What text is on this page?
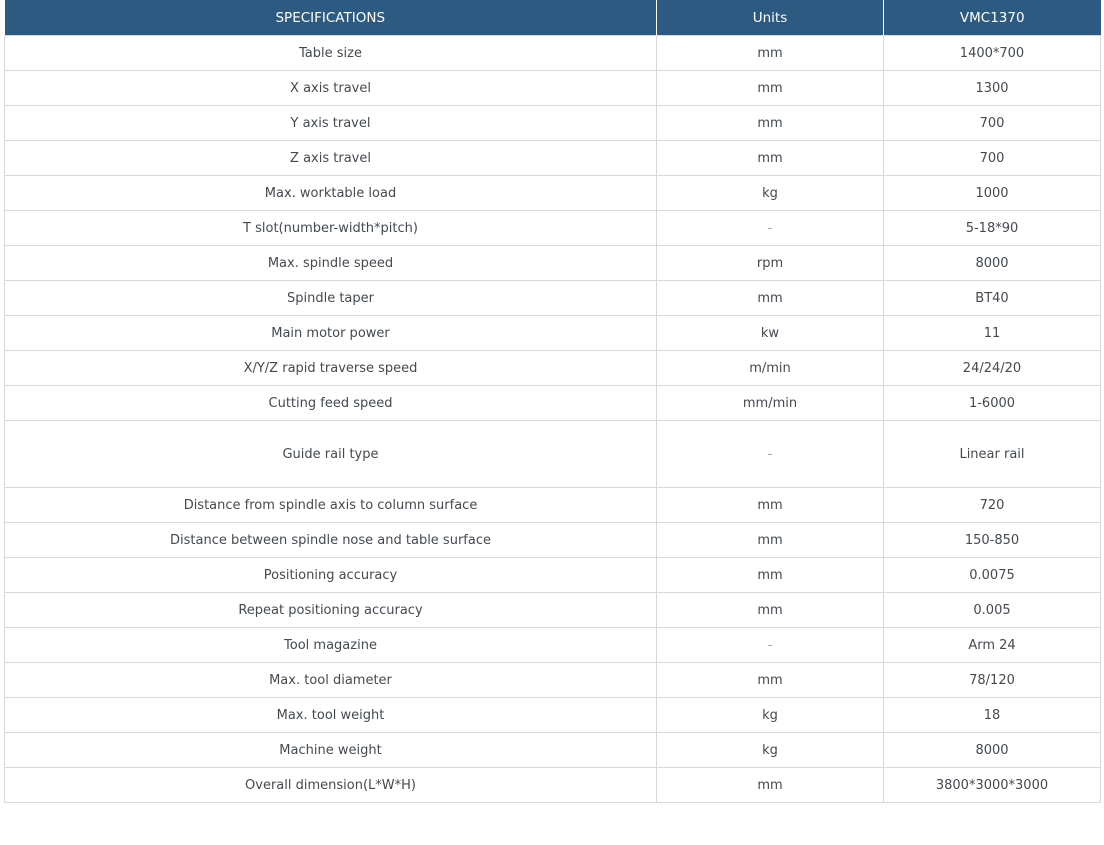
SPECIFICATIONS	Units	VMC1370
Table size	mm	1400*700
X axis travel	mm	1300
Y axis travel	mm	700
Z axis travel	mm	700
Max. worktable load	kg	1000
T slot(number-width*pitch)	-	5-18*90
Max. spindle speed	rpm	8000
Spindle taper	mm	BT40
Main motor power	kw	11
X/Y/Z rapid traverse speed	m/min	24/24/20
Cutting feed speed	mm/min	1-6000
Guide rail type	-	Linear rail
Distance from spindle axis to column surface	mm	720
Distance between spindle nose and table surface	mm	150-850
Positioning accuracy	mm	0.0075
Repeat positioning accuracy	mm	0.005
Tool magazine	-	Arm 24
Max. tool diameter	mm	78/120
Max. tool weight	kg	18
Machine weight	kg	8000
Overall dimension(L*W*H)	mm	3800*3000*3000
